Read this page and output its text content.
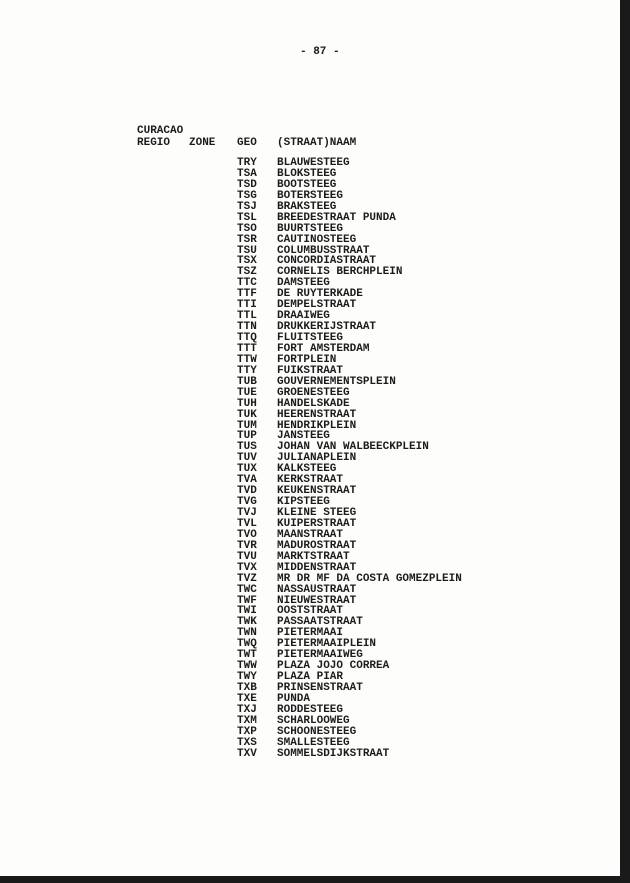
- 87 -
CURACAO
REGIO ZONE GEO (STRAAT)NAAM
TRY BLAUWESTEEG
TSA BLOKSTEEG
TSD BOOTSTEEG
TSG BOTERSTEEG
TSJ BRAKSTEEG
TSL BREEDESTRAAT PUNDA
TSO BUURTSTEEG
TSR CAUTINOSTEEG
TSU COLUMBUSSTRAAT
TSX CONCORDIASTRAAT
TSZ CORNELIS BERCHPLEIN
TTC DAMSTEEG
TTF DE RUYTERKADE
TTI DEMPELSTRAAT
TTL DRAAIWEG
TTN DRUKKERIJSTRAAT
TTQ FLUITSTEEG
TTT FORT AMSTERDAM
TTW FORTPLEIN
TTY FUIKSTRAAT
TUB GOUVERNEMENTSPLEIN
TUE GROENESTEEG
TUH HANDELSKADE
TUK HEERENSTRAAT
TUM HENDRIKPLEIN
TUP JANSTEEG
TUS JOHAN VAN WALBEECKPLEIN
TUV JULIANAPLEIN
TUX KALKSTEEG
TVA KERKSTRAAT
TVD KEUKENSTRAAT
TVG KIPSTEEG
TVJ KLEINE STEEG
TVL KUIPERSTRAAT
TVO MAANSTRAAT
TVR MADUROSTRAAT
TVU MARKTSTRAAT
TVX MIDDENSTRAAT
TVZ MR DR MF DA COSTA GOMEZPLEIN
TWC NASSAUSTRAAT
TWF NIEUWESTRAAT
TWI OOSTSTRAAT
TWK PASSAATSTRAAT
TWN PIETERMAAI
TWQ PIETERMAAIPLEIN
TWT PIETERMAAIWEG
TWW PLAZA JOJO CORREA
TWY PLAZA PIAR
TXB PRINSENSTRAAT
TXE PUNDA
TXJ RODDESTEEG
TXM SCHARLOOWEG
TXP SCHOONESTEEG
TXS SMALLESTEEG
TXV SOMMELSDIJKSTRAAT
